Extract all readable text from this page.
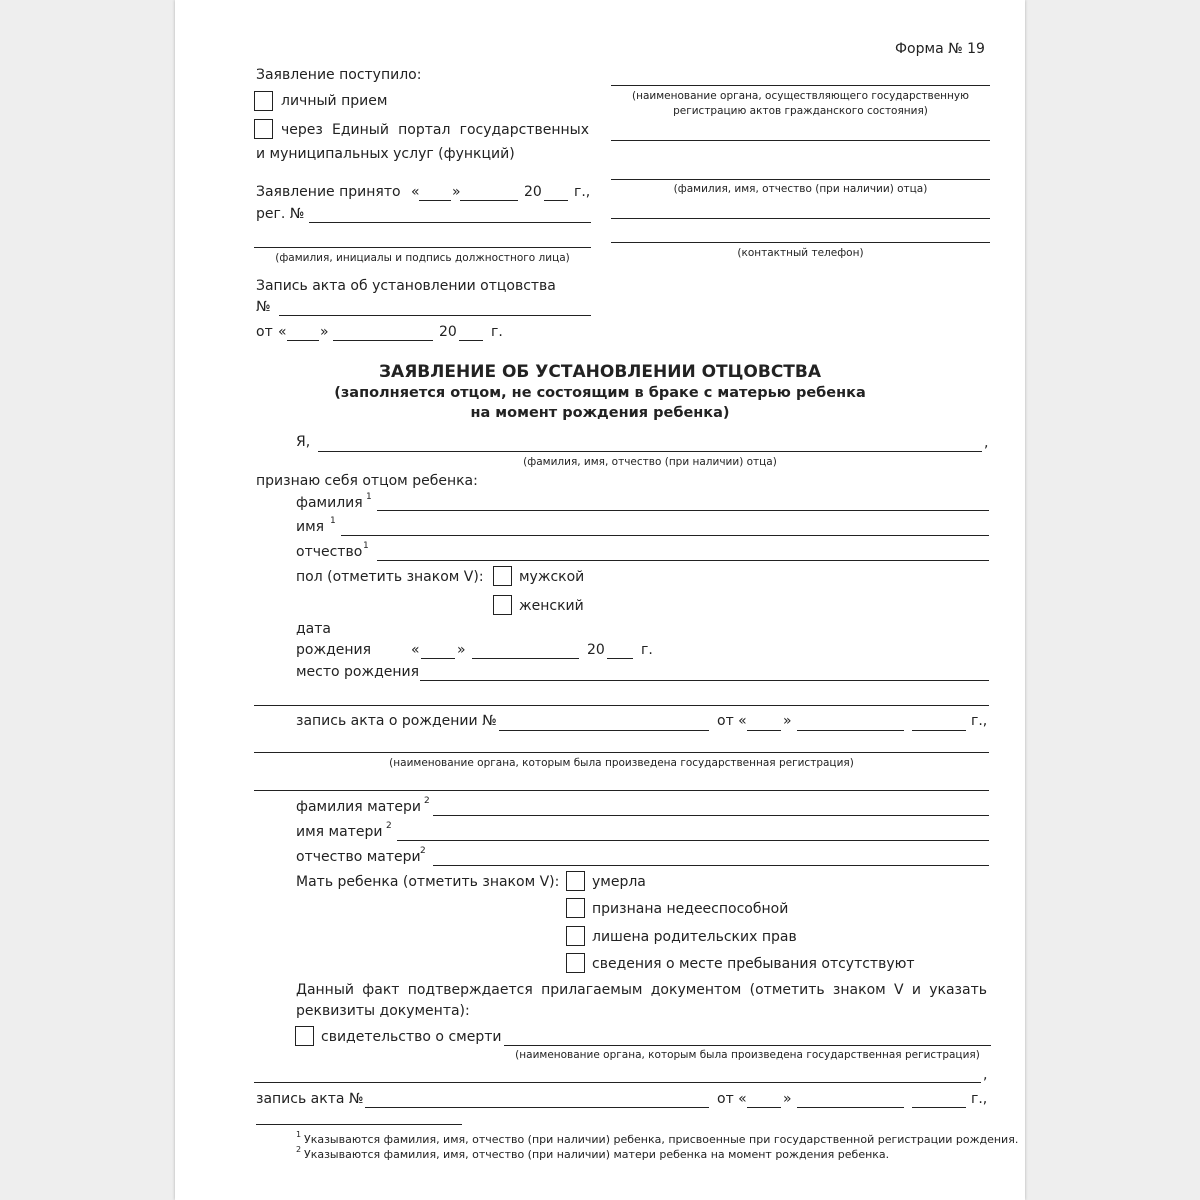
Форма № 19
Заявление поступило:
личный прием
через Единый портал государственных
и муниципальных услуг (функций)
Заявление принято « »	20 г.,
рег. №
(фамилия, инициалы и подпись должностного лица)
Запись акта об установлении отцовства
№
от « »	20 г.
(наименование органа, осуществляющего государственную
регистрацию актов гражданского состояния)
(фамилия, имя, отчество (при наличии) отца)
(контактный телефон)
ЗАЯВЛЕНИЕ ОБ УСТАНОВЛЕНИИ ОТЦОВСТВА
(заполняется отцом, не состоящим в браке с матерью ребенка
на момент рождения ребенка)
Я,	,
(фамилия, имя, отчество (при наличии) отца)
признаю себя отцом ребенка:
фамилия 1
имя 1
отчество 1
пол (отметить знаком V):	мужской
женский
дата
рождения	«	»	20	г.
место рождения
запись акта о рождении №	от «	»	г.,
(наименование органа, которым была произведена государственная регистрация)
фамилия матери 2
имя матери 2
отчество матери 2
Мать ребенка (отметить знаком V): умерла
признана недееспособной
лишена родительских прав
сведения о месте пребывания отсутствуют
Данный факт подтверждается прилагаемым документом (отметить знаком V и указать
реквизиты документа):
свидетельство о смерти
(наименование органа, которым была произведена государственная регистрация)
,
запись акта №	от «	»	г.,
1 Указываются фамилия, имя, отчество (при наличии) ребенка, присвоенные при государственной регистрации рождения.
2 Указываются фамилия, имя, отчество (при наличии) матери ребенка на момент рождения ребенка.
